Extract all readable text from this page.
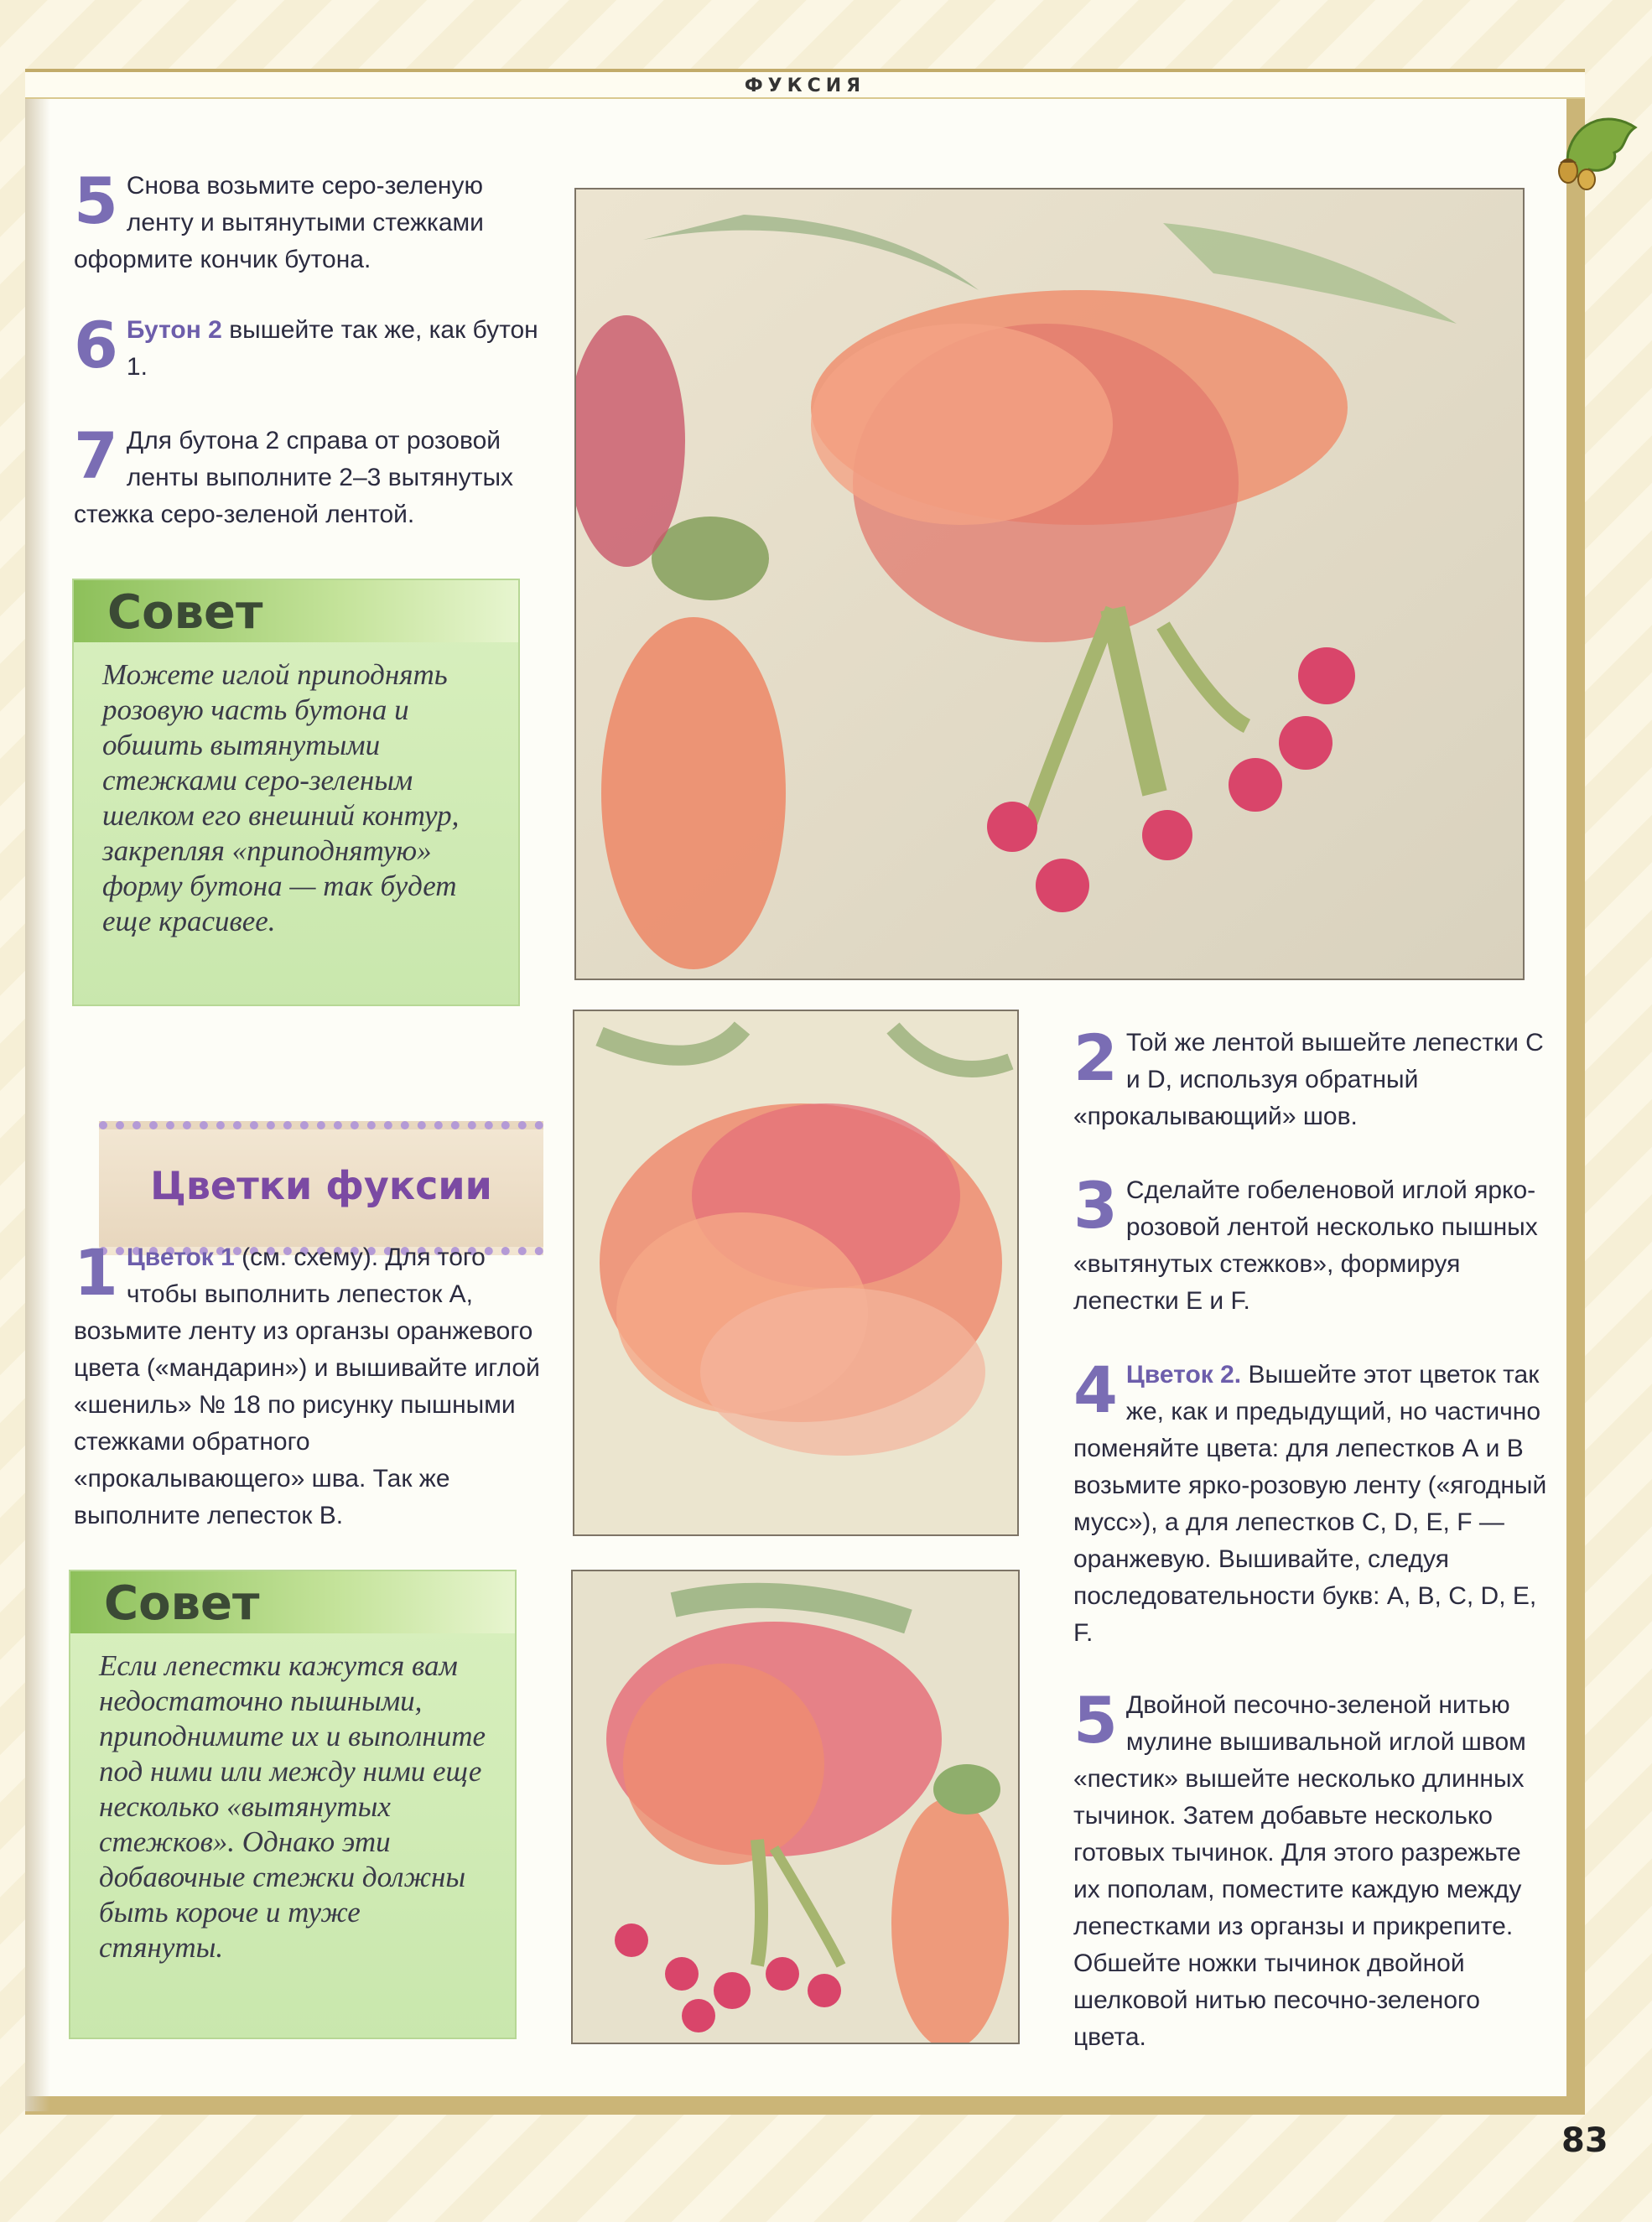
ФУКСИЯ
5 Снова возьмите серо-зеленую ленту и вытянутыми стежками оформите кончик бутона.
6 Бутон 2 вышейте так же, как бутон 1.
7 Для бутона 2 справа от розовой ленты выполните 2–3 вытянутых стежка серо-зеленой лентой.
Совет
Можете иглой приподнять розовую часть бутона и обшить вытянутыми стежками серо-зеленым шелком его внешний контур, закрепляя «приподнятую» форму бутона — так будет еще красивее.
Цветки фуксии
1 Цветок 1 (см. схему). Для того чтобы выполнить лепесток А, возьмите ленту из органзы оранжевого цвета («мандарин») и вышивайте иглой «шениль» № 18 по рисунку пышными стежками обратного «прокалывающего» шва. Так же выполните лепесток В.
Совет
Если лепестки кажутся вам недостаточно пышными, приподнимите их и выполните под ними или между ними еще несколько «вытянутых стежков». Однако эти добавочные стежки должны быть короче и туже стянуты.
2 Той же лентой вышейте лепестки С и D, используя обратный «прокалывающий» шов.
3 Сделайте гобеленовой иглой ярко-розовой лентой несколько пышных «вытянутых стежков», формируя лепестки E и F.
4 Цветок 2. Вышейте этот цветок так же, как и предыдущий, но частично поменяйте цвета: для лепестков А и В возьмите ярко-розовую ленту («ягодный мусс»), а для лепестков С, D, E, F — оранжевую. Вышивайте, следуя последовательности букв: А, В, С, D, E, F.
5 Двойной песочно-зеленой нитью мулине вышивальной иглой швом «пестик» вышейте несколько длинных тычинок. Затем добавьте несколько готовых тычинок. Для этого разрежьте их пополам, поместите каждую между лепестками из органзы и прикрепите. Обшейте ножки тычинок двойной шелковой нитью песочно-зеленого цвета.
83
